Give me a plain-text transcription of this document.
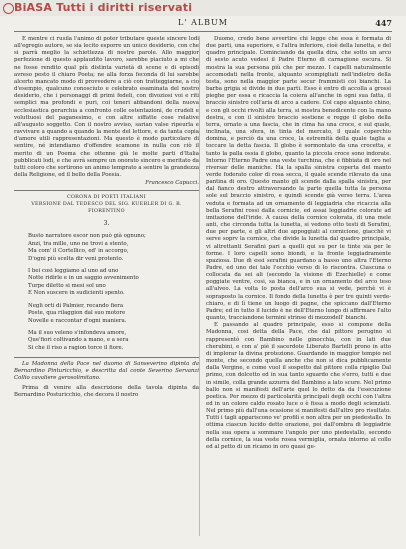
BiASA Tutti i diritti riservati
L' ALBUM	447

E mentre ci rusila l'animo di poter tributare queste sincere lodi all'egregio autore, se sia lecito esporre un unico desiderio, con che si parrà meglio la schiettezza di nostre parole. Allo maggior perfezione di questo applaudito lavoro, sarebbe piaciuto a mi che ne fosse rendito qual più distinta varietà di scene e di episodi avreso pesto il chiaro Poeta; ne alla forza feconda di lui sarebbe alcerto mancato modo di provvedere a ciò con tratteggiarne, a cio d'esempio, qualcuno conosciuto e celebrato esaminata del nostro desiderio, che i personaggi di primi fedeli, con divoziosi voi e riti semplici ma profondi e puri, coi teneri abbandoni della nuova ecclesiastica gerarchia a confronto colle ostentazioni, de crudeli e voluttuosi del paganesimo, e con altre siffatte cose relative all'augusto soggetto. Con il nostro avviso, sarian valse ripeurla e ravvivare a quando a quando la mente del lettore, e da tanta copia d'amore utili rappresentazioni. Ma questo è modo particolare di sentire, né intendiamo d'offendre scamone in nulla con ciò il merito di un Poema che ottenne già le molte parti d'Italia pubblicati lodi, e che avrà sempre un onorato sincero e meritato da tutti coloro che sortirono un animo temprato a sentire la grandezza della Religione, ed il bello della Poesia.

Francesco Capucci.

CORONA DI POETI ITALIANI

VERSIONE DAL TEDESCO DEL SIG. KUEBLER DI G. B.

FIORENTINO

3.

Busto narratore escor non può già ognuno;
Anzi, tra mille, uno ne trovi a stento,
Ma com' il Cortellico, ed' in accorgo,
D'ogni più scelta dir veni protento.
I bei cosi leggiamo al uno ad uno
Notte ridirle e in un saggio avvenimento
Turpe diletto si mesi sol uno
E Non suscere in sudicienti spento.
Negli orti di Palmier, recando fiera
Poste, qua rilaggion dal suo motore
Novelle e raccontar d'ogni maniera.
Ma il suo veleno s'infondeva amore,
Que'fiori coltivando a mano, e a sera
Si che il riso a ragion torce il fiore.

La Madonna della Pace nel duomo di Sanseverino dipinta da Bernardino Pinturicchio, e descritta dal conte Severino Servanzi Collio cavaliere gerosolimitano.

Prima di venire alla descrizione della tavola dipinta da Bernardino Posturicchio, che decora il nostro

Duomo, credo bene avvertire chi legge che essa è formata di due parti, una superiore, e l'altra inferiore, cioè della lunetta, e del quadro principale. Cominciando da quella dira, che sotto un arco di sesto acuto vedesi il Padre Eterno di carnagione oscura. Si mostra la sua persona più che per mezzo. I capelli naturalmente accomodati nella fronte, alquanto scompigliati nell'indietro della testa, sono nella maggior parte secur frammisti coi bianchi. La barba grigia si divide in due parti. Esso è entro di accolla a grossi pieghe per essa e ricaccia la coiera all'anche in ogni sua fatta, il braccio sinistro coll'aria di arco a cadere. Col capo alquanto chino, e con gli occhi rivolti alla terra, si mostra benedicente con la mano destra, e con il sinistro braccio sostiene e regge il globo della terra, ornato a una fascia, che in cima ha una croce, e sul quale, inclinata, una sfera, in tinta del mercato, il quale coperchio domina, e perciò da una croce, la estremità della quale taglia a toccare la detta fascia. Il globo è sormontato da una crocetta, e tanto la palla ossia il globo, quanto la piccola croce sono indorate. Intorno l'Eterno Padre una veste turchina, che è fibbiata di oro nel riversar delle maniche. Ha la spalla sinistra coperta del manto verde foderato color di rosa secca, il quale scende rilevato da una pantina di oro. Questo manto gli scende dalla spalla sinistra, per dal fianco destro attraversando la parte quella tutta la persona sole sul braccio sinistro, e quindi scende già verso terra. L'area veduta e formata ad un ornamento di leggiadria che ricaccia alla bella Serafini rossi dalla cornicie, ed assai leggiadrie colorate ad imitazione dell'iride. A causa della cornice colorata, di una mele anti, che circonda tutta la lunetta, si vedono otto testi di Serafini, due per parte, e gli altri due appoggiati al cornicione, giacchè vi serve soprv la cornice, che divide la lunetta dal quadro principale, vi altrettanti Serafini pari a quelli qui su per le tinte sia per le forme. I loro capelli sono biondi, e la fronte leggiadramente spaziosa. Due di essi serafini guardano a basso uno altra l'Eterno Padre, ed uno dei tale l'occhio verso di lo riscontra. Ciascuna o collocata da sei ali (secondo la visione di Ezechielle) e come poggiate ventre, cosi, sa bianca, e in un ornamento del arco teso all'alveo. La volta lo posta dell'arco sua si vede, perchè vi è sopraposto la cornice. Il fondo della lunetta è per tre quinti verde-chiaro, e di lì tiene un luogo di pagne, che spiccano dall'Eterno Padre; ed in tutto il lucido è ne dell'Eterno lungo di affirmare l'alto quanto, tracciandone termini strinse di mezzodell' bianchi.

E passando al quadro principale, esso si compone della Madonna, cosi detta della Pace, che dal pittore perugino si rappresentò con Bambino nelle ginocchia, con in lati due cherubini, e con a' piè il sacerdote Liberato Bartelli prono in atto di implorar la divina protezione. Guardando in maggior tempio nel monte, che secondo quella anche che non si dica pubblicamente dalla Vergine, e come vuol il sospetto dal pittore colla ripiglio Dal primo, con dolcetto ed in sua tanto sguardo che s'erro, tutti e due in simile, colla grande azzurra del Bambino a lato scure. Nel primo ballo non si manifesti dell'arte quel lo detto da da l'esecuzione poetica. Per mezzo di particolarità principali degli occhi con l'altra ed in un colore caldo rosato luce o è fissa a modo degli scienziati. Nel primo più dall'una ocasione si manifesti dall'altro pro risultato. Tutti i tagli appariscono ve' profili e non altra per un piedestallo. In ottima ciascun lucido detto orazione, poi dall'ombra di leggiadrie nella sua opera a sommare l'angolo per uno piedestallo, secondo della cornice, la sua veste rosea vermiglia, ornata intorno al collo ed al petto di un ricamo in oro quasi ge-
